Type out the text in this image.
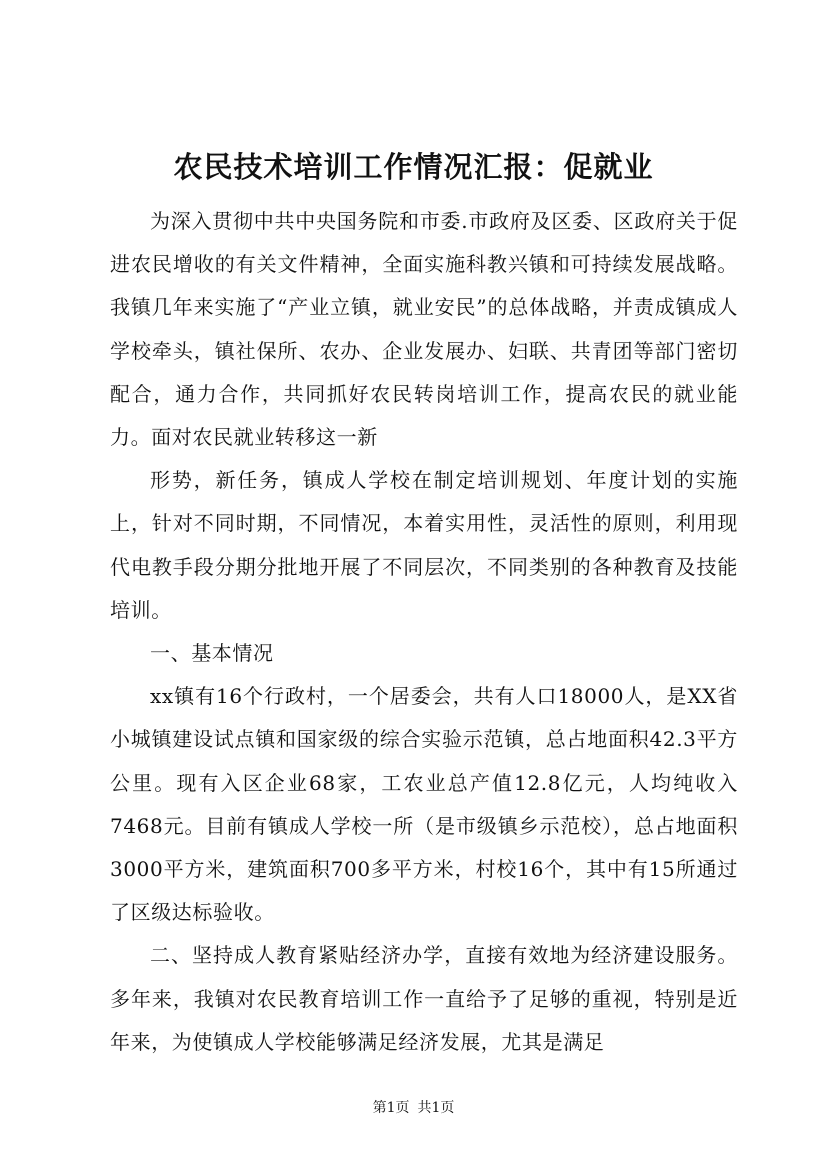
农民技术培训工作情况汇报：促就业

为深入贯彻中共中央国务院和市委.市政府及区委、区政府关于促进农民增收的有关文件精神，全面实施科教兴镇和可持续发展战略。我镇几年来实施了“产业立镇，就业安民”的总体战略，并责成镇成人学校牵头，镇社保所、农办、企业发展办、妇联、共青团等部门密切配合，通力合作，共同抓好农民转岗培训工作，提高农民的就业能力。面对农民就业转移这一新

形势，新任务，镇成人学校在制定培训规划、年度计划的实施上，针对不同时期，不同情况，本着实用性，灵活性的原则，利用现代电教手段分期分批地开展了不同层次，不同类别的各种教育及技能培训。

一、基本情况

xx镇有16个行政村，一个居委会，共有人口18000人，是XX省小城镇建设试点镇和国家级的综合实验示范镇，总占地面积42.3平方公里。现有入区企业68家，工农业总产值12.8亿元，人均纯收入7468元。目前有镇成人学校一所（是市级镇乡示范校），总占地面积3000平方米，建筑面积700多平方米，村校16个，其中有15所通过了区级达标验收。

二、坚持成人教育紧贴经济办学，直接有效地为经济建设服务。多年来，我镇对农民教育培训工作一直给予了足够的重视，特别是近年来，为使镇成人学校能够满足经济发展，尤其是满足

第1页 共1页
